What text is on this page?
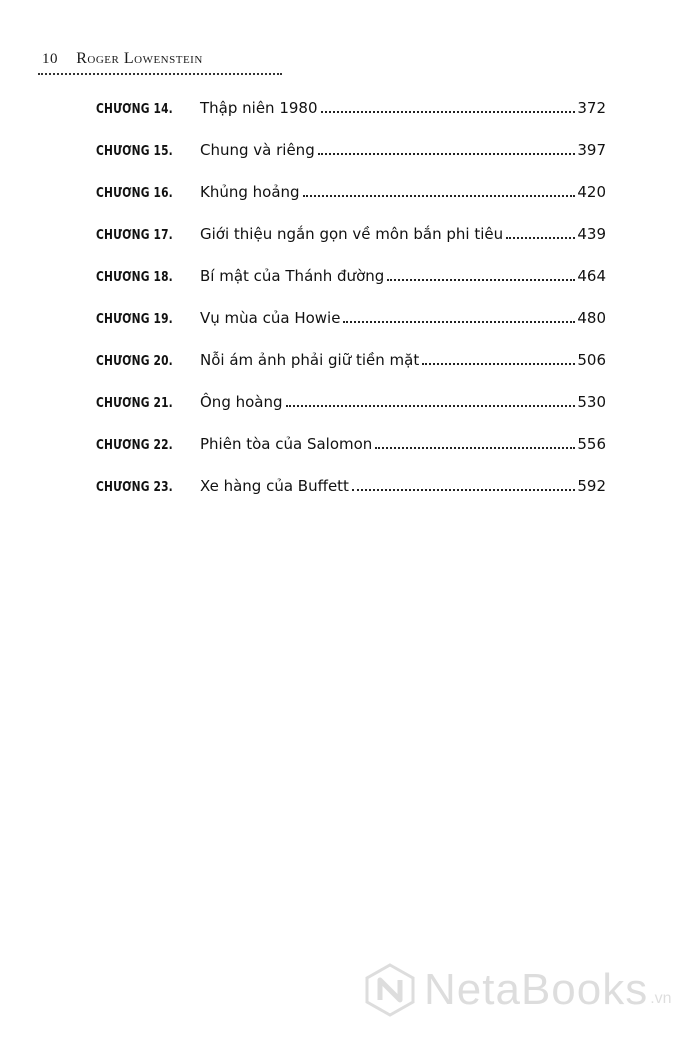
10 Roger Lowenstein
CHƯƠNG 14.	Thập niên 1980	372
CHƯƠNG 15.	Chung và riêng	397
CHƯƠNG 16.	Khủng hoảng	420
CHƯƠNG 17.	Giới thiệu ngắn gọn về môn bắn phi tiêu	439
CHƯƠNG 18.	Bí mật của Thánh đường	464
CHƯƠNG 19.	Vụ mùa của Howie	480
CHƯƠNG 20.	Nỗi ám ảnh phải giữ tiền mặt	506
CHƯƠNG 21.	Ông hoàng	530
CHƯƠNG 22.	Phiên tòa của Salomon	556
CHƯƠNG 23.	Xe hàng của Buffett	592
NetaBooks .vn
